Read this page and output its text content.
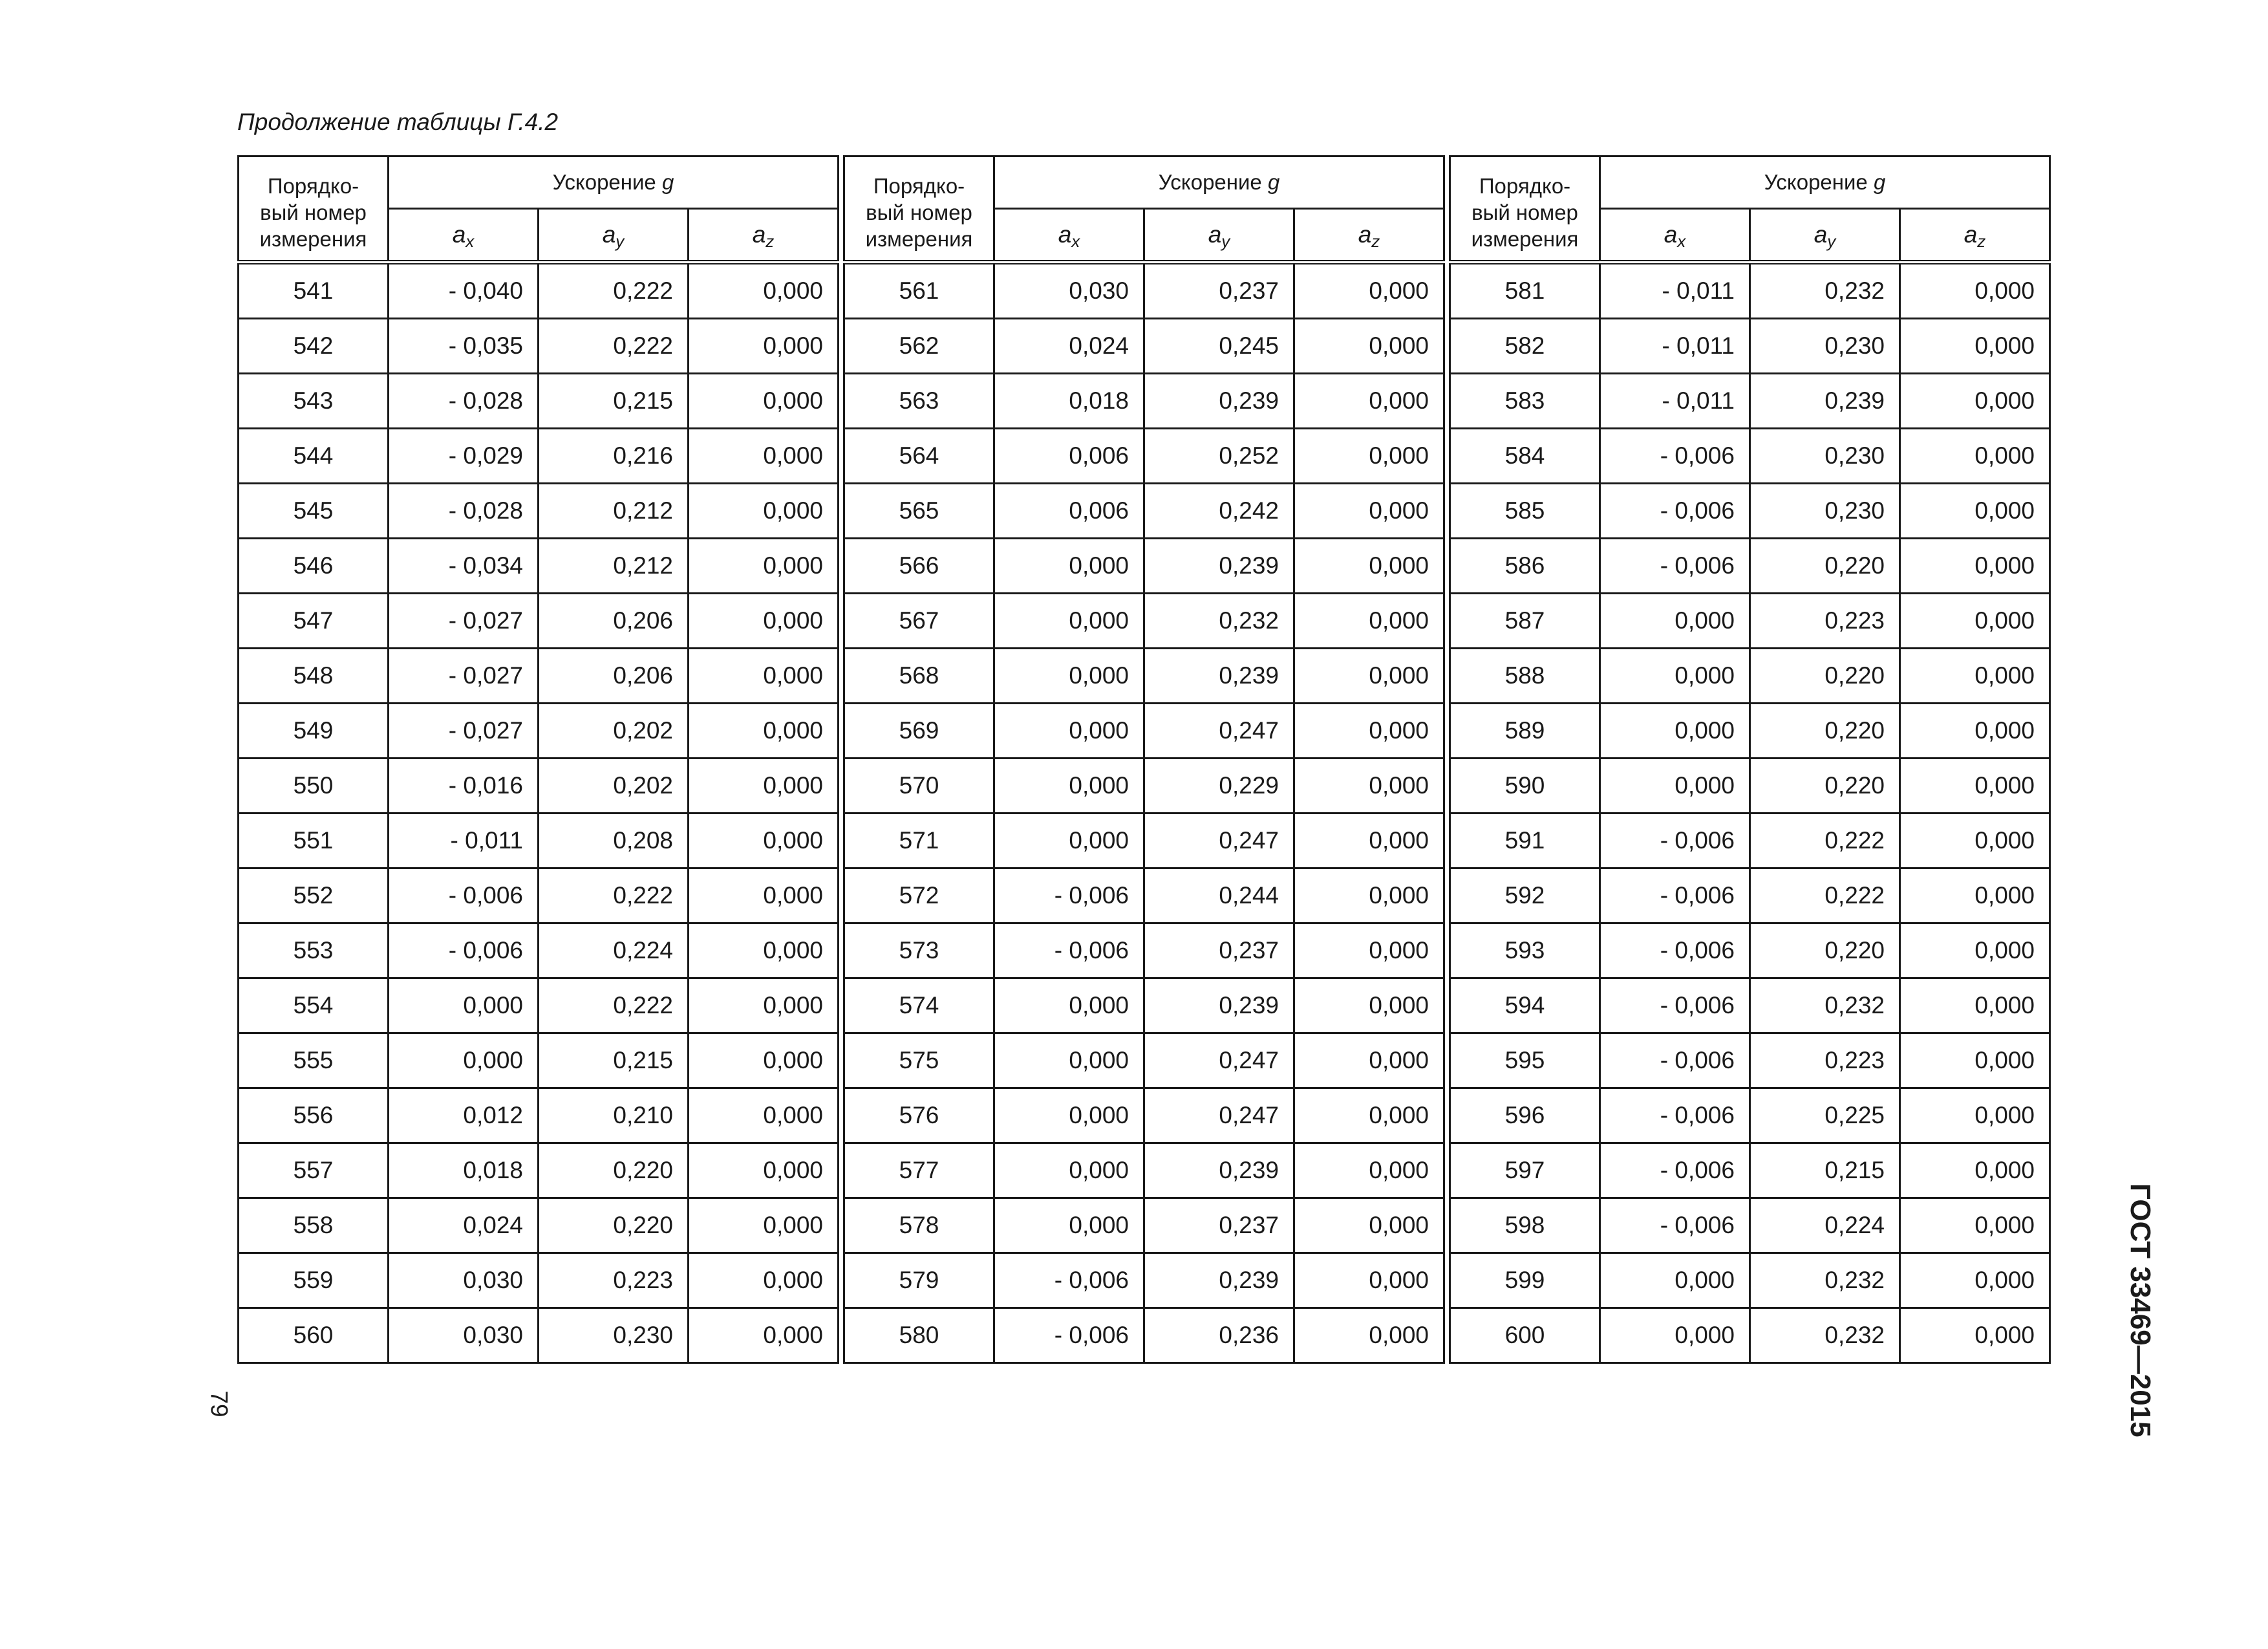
Продолжение таблицы Г.4.2
Порядко-
вый номер
измерения	Ускорение g		
	$a_x$	$a_y$	$a_z$
541	- 0,040	0,222	0,000
542	- 0,035	0,222	0,000
543	- 0,028	0,215	0,000
544	- 0,029	0,216	0,000
545	- 0,028	0,212	0,000
546	- 0,034	0,212	0,000
547	- 0,027	0,206	0,000
548	- 0,027	0,206	0,000
549	- 0,027	0,202	0,000
550	- 0,016	0,202	0,000
551	- 0,011	0,208	0,000
552	- 0,006	0,222	0,000
553	- 0,006	0,224	0,000
554	0,000	0,222	0,000
555	0,000	0,215	0,000
556	0,012	0,210	0,000
557	0,018	0,220	0,000
558	0,024	0,220	0,000
559	0,030	0,223	0,000
560	0,030	0,230	0,000
Порядко-
вый номер
измерения	Ускорение g		
	$a_x$	$a_y$	$a_z$
561	0,030	0,237	0,000
562	0,024	0,245	0,000
563	0,018	0,239	0,000
564	0,006	0,252	0,000
565	0,006	0,242	0,000
566	0,000	0,239	0,000
567	0,000	0,232	0,000
568	0,000	0,239	0,000
569	0,000	0,247	0,000
570	0,000	0,229	0,000
571	0,000	0,247	0,000
572	- 0,006	0,244	0,000
573	- 0,006	0,237	0,000
574	0,000	0,239	0,000
575	0,000	0,247	0,000
576	0,000	0,247	0,000
577	0,000	0,239	0,000
578	0,000	0,237	0,000
579	- 0,006	0,239	0,000
580	- 0,006	0,236	0,000
Порядко-
вый номер
измерения	Ускорение g		
	$a_x$	$a_y$	$a_z$
581	- 0,011	0,232	0,000
582	- 0,011	0,230	0,000
583	- 0,011	0,239	0,000
584	- 0,006	0,230	0,000
585	- 0,006	0,230	0,000
586	- 0,006	0,220	0,000
587	0,000	0,223	0,000
588	0,000	0,220	0,000
589	0,000	0,220	0,000
590	0,000	0,220	0,000
591	- 0,006	0,222	0,000
592	- 0,006	0,222	0,000
593	- 0,006	0,220	0,000
594	- 0,006	0,232	0,000
595	- 0,006	0,223	0,000
596	- 0,006	0,225	0,000
597	- 0,006	0,215	0,000
598	- 0,006	0,224	0,000
599	0,000	0,232	0,000
600	0,000	0,232	0,000
79	ГОСТ 33469—2015
